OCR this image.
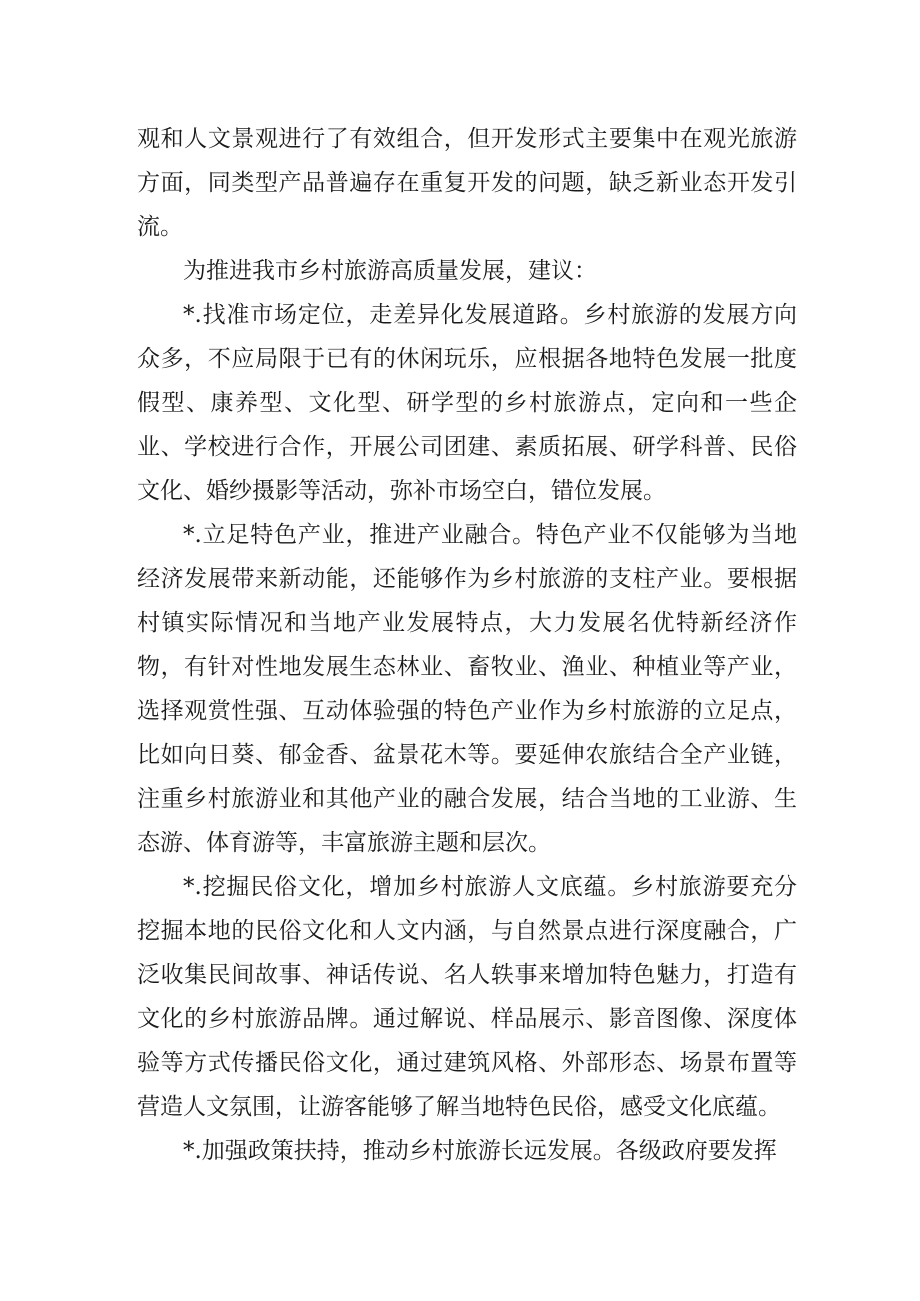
观和人文景观进行了有效组合，但开发形式主要集中在观光旅游方面，同类型产品普遍存在重复开发的问题，缺乏新业态开发引流。

为推进我市乡村旅游高质量发展，建议：

*.找准市场定位，走差异化发展道路。乡村旅游的发展方向众多，不应局限于已有的休闲玩乐，应根据各地特色发展一批度假型、康养型、文化型、研学型的乡村旅游点，定向和一些企业、学校进行合作，开展公司团建、素质拓展、研学科普、民俗文化、婚纱摄影等活动，弥补市场空白，错位发展。

*.立足特色产业，推进产业融合。特色产业不仅能够为当地经济发展带来新动能，还能够作为乡村旅游的支柱产业。要根据村镇实际情况和当地产业发展特点，大力发展名优特新经济作物，有针对性地发展生态林业、畜牧业、渔业、种植业等产业，选择观赏性强、互动体验强的特色产业作为乡村旅游的立足点，比如向日葵、郁金香、盆景花木等。要延伸农旅结合全产业链，注重乡村旅游业和其他产业的融合发展，结合当地的工业游、生态游、体育游等，丰富旅游主题和层次。

*.挖掘民俗文化，增加乡村旅游人文底蕴。乡村旅游要充分挖掘本地的民俗文化和人文内涵，与自然景点进行深度融合，广泛收集民间故事、神话传说、名人轶事来增加特色魅力，打造有文化的乡村旅游品牌。通过解说、样品展示、影音图像、深度体验等方式传播民俗文化，通过建筑风格、外部形态、场景布置等营造人文氛围，让游客能够了解当地特色民俗，感受文化底蕴。

*.加强政策扶持，推动乡村旅游长远发展。各级政府要发挥
